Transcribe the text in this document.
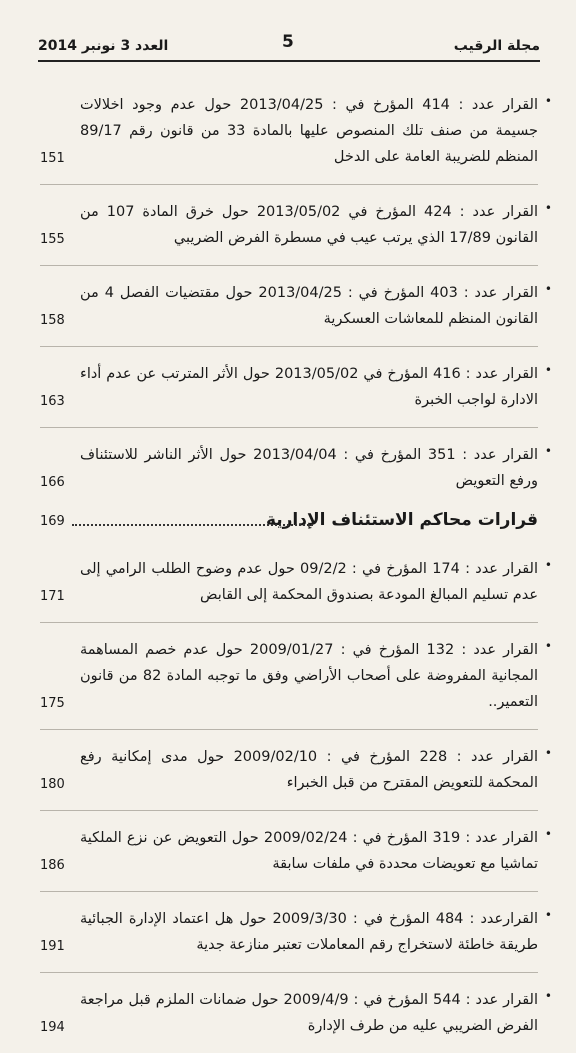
العدد 3 نونبر 2014	5	مجلة الرقيب
•
القرار عدد : 414 المؤرخ في : 2013/04/25 حول عدم وجود اخلالات جسيمة من صنف تلك المنصوص عليها بالمادة 33 من قانون رقم 89/17 المنظم للضريبة العامة على الدخل
151
•
القرار عدد : 424 المؤرخ في 2013/05/02 حول خرق المادة 107 من القانون 17/89 الذي يرتب عيب في مسطرة الفرض الضريبي
155
•
القرار عدد : 403 المؤرخ في : 2013/04/25 حول مقتضيات الفصل 4 من القانون المنظم للمعاشات العسكرية
158
•
القرار عدد : 416 المؤرخ في 2013/05/02 حول الأثر المترتب عن عدم أداء الادارة لواجب الخبرة
163
•
القرار عدد : 351 المؤرخ في : 2013/04/04 حول الأثر الناشر للاستئناف ورفع التعويض
166
قرارات محاكم الاستئناف الإدارية
169
•
القرار عدد : 174 المؤرخ في : 09/2/2 حول عدم وضوح الطلب الرامي إلى عدم تسليم المبالغ المودعة بصندوق المحكمة إلى القابض
171
•
القرار عدد : 132 المؤرخ في : 2009/01/27 حول عدم خصم المساهمة المجانية المفروضة على أصحاب الأراضي وفق ما توجبه المادة 82 من قانون التعمير..
175
•
القرار عدد : 228 المؤرخ في : 2009/02/10 حول مدى إمكانية رفع المحكمة للتعويض المقترح من قبل الخبراء
180
•
القرار عدد : 319 المؤرخ في : 2009/02/24 حول التعويض عن نزع الملكية تماشيا مع تعويضات محددة في ملفات سابقة
186
•
القرارعدد : 484 المؤرخ في : 2009/3/30 حول هل اعتماد الإدارة الجبائية طريقة خاطئة لاستخراج رقم المعاملات تعتبر منازعة جدية
191
•
القرار عدد : 544 المؤرخ في : 2009/4/9 حول ضمانات الملزم قبل مراجعة الفرض الضريبي عليه من طرف الإدارة
194
